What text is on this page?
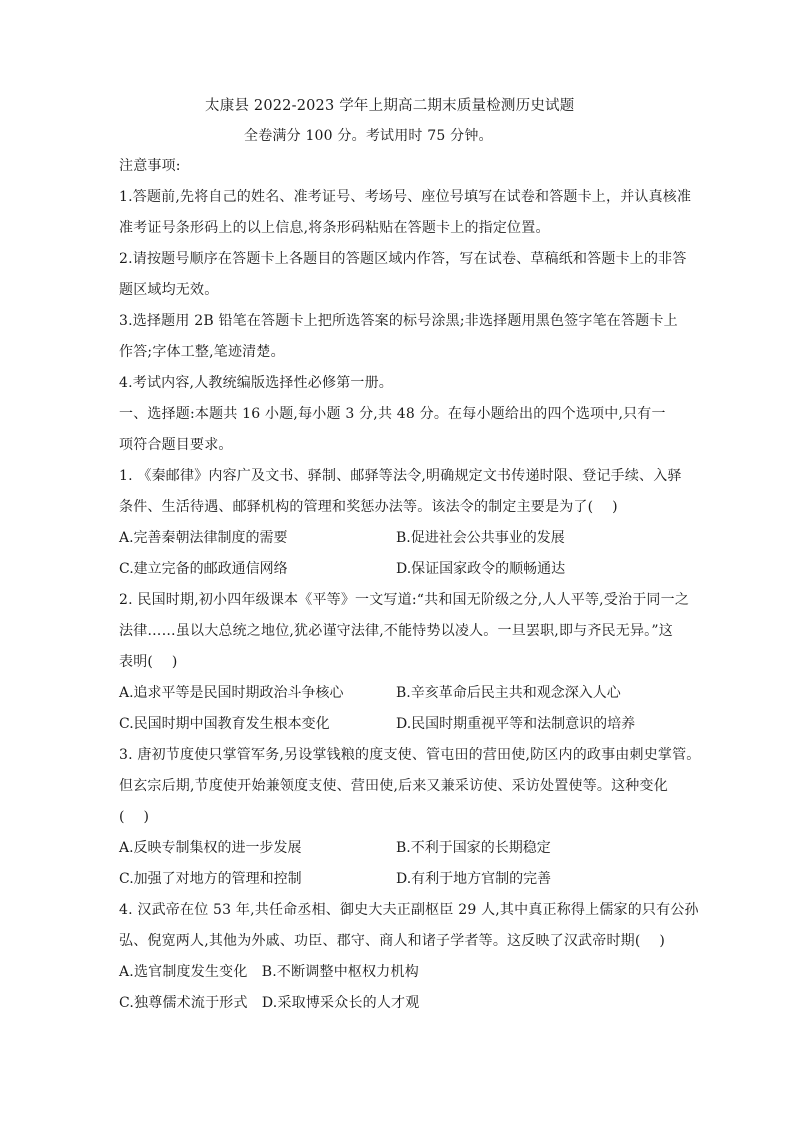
太康县 2022-2023 学年上期高二期末质量检测历史试题
全卷满分 100 分。考试用时 75 分钟。
注意事项:
1.答题前,先将自己的姓名、准考证号、考场号、座位号填写在试卷和答题卡上，并认真核准
准考证号条形码上的以上信息,将条形码粘贴在答题卡上的指定位置。
2.请按题号顺序在答题卡上各题目的答题区域内作答，写在试卷、草稿纸和答题卡上的非答
题区域均无效。
3.选择题用 2B 铅笔在答题卡上把所选答案的标号涂黑;非选择题用黑色签字笔在答题卡上
作答;字体工整,笔迹清楚。
4.考试内容,人教统编版选择性必修第一册。
一、选择题:本题共 16 小题,每小题 3 分,共 48 分。在每小题给出的四个选项中,只有一
项符合题目要求。
1. 《秦邮律》内容广及文书、驿制、邮驿等法令,明确规定文书传递时限、登记手续、入驿
条件、生活待遇、邮驿机构的管理和奖惩办法等。该法令的制定主要是为了(　 )
A.完善秦朝法律制度的需要	B.促进社会公共事业的发展
C.建立完备的邮政通信网络	D.保证国家政令的顺畅通达
2. 民国时期,初小四年级课本《平等》一文写道:“共和国无阶级之分,人人平等,受治于同一之
法律……虽以大总统之地位,犹必谨守法律,不能恃势以凌人。一旦罢职,即与齐民无异。”这
表明(　 )
A.追求平等是民国时期政治斗争核心	B.辛亥革命后民主共和观念深入人心
C.民国时期中国教育发生根本变化	D.民国时期重视平等和法制意识的培养
3. 唐初节度使只掌管军务,另设掌钱粮的度支使、管屯田的营田使,防区内的政事由刺史掌管。
但玄宗后期,节度使开始兼领度支使、营田使,后来又兼采访使、采访处置使等。这种变化
(　 )
A.反映专制集权的进一步发展	B.不利于国家的长期稳定
C.加强了对地方的管理和控制	D.有利于地方官制的完善
4. 汉武帝在位 53 年,共任命丞相、御史大夫正副枢臣 29 人,其中真正称得上儒家的只有公孙
弘、倪宽两人,其他为外戚、功臣、郡守、商人和诸子学者等。这反映了汉武帝时期(　 )
A.选官制度发生变化　B.不断调整中枢权力机构
C.独尊儒术流于形式　D.采取博采众长的人才观
